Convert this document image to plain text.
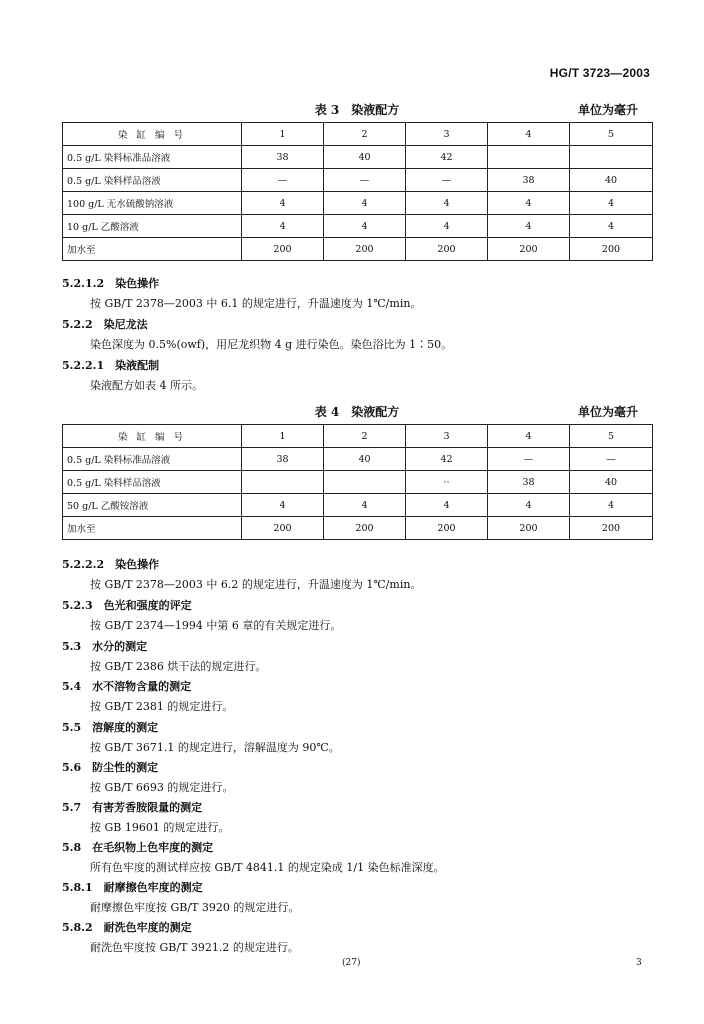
HG/T 3723—2003
表 3　染液配方	单位为毫升
染 缸 编 号	1	2	3	4	5
0.5 g/L 染料标准品溶液	38	40	42		
0.5 g/L 染料样品溶液	—	—	—	38	40
100 g/L 无水硫酸钠溶液	4	4	4	4	4
10 g/L 乙酸溶液	4	4	4	4	4
加水至	200	200	200	200	200
5.2.1.2　染色操作
按 GB/T 2378—2003 中 6.1 的规定进行，升温速度为 1℃/min。
5.2.2　染尼龙法
染色深度为 0.5%(owf)，用尼龙织物 4 g 进行染色。染色浴比为 1∶50。
5.2.2.1　染液配制
染液配方如表 4 所示。
表 4　染液配方	单位为毫升
染 缸 编 号	1	2	3	4	5
0.5 g/L 染料标准品溶液	38	40	42	—	—
0.5 g/L 染料样品溶液			··	38	40
50 g/L 乙酸铵溶液	4	4	4	4	4
加水至	200	200	200	200	200
5.2.2.2　染色操作
按 GB/T 2378—2003 中 6.2 的规定进行，升温速度为 1℃/min。
5.2.3　色光和强度的评定
按 GB/T 2374—1994 中第 6 章的有关规定进行。
5.3　水分的测定
按 GB/T 2386 烘干法的规定进行。
5.4　水不溶物含量的测定
按 GB/T 2381 的规定进行。
5.5　溶解度的测定
按 GB/T 3671.1 的规定进行，溶解温度为 90℃。
5.6　防尘性的测定
按 GB/T 6693 的规定进行。
5.7　有害芳香胺限量的测定
按 GB 19601 的规定进行。
5.8　在毛织物上色牢度的测定
所有色牢度的测试样应按 GB/T 4841.1 的规定染成 1/1 染色标准深度。
5.8.1　耐摩擦色牢度的测定
耐摩擦色牢度按 GB/T 3920 的规定进行。
5.8.2　耐洗色牢度的测定
耐洗色牢度按 GB/T 3921.2 的规定进行。
(27)	3
